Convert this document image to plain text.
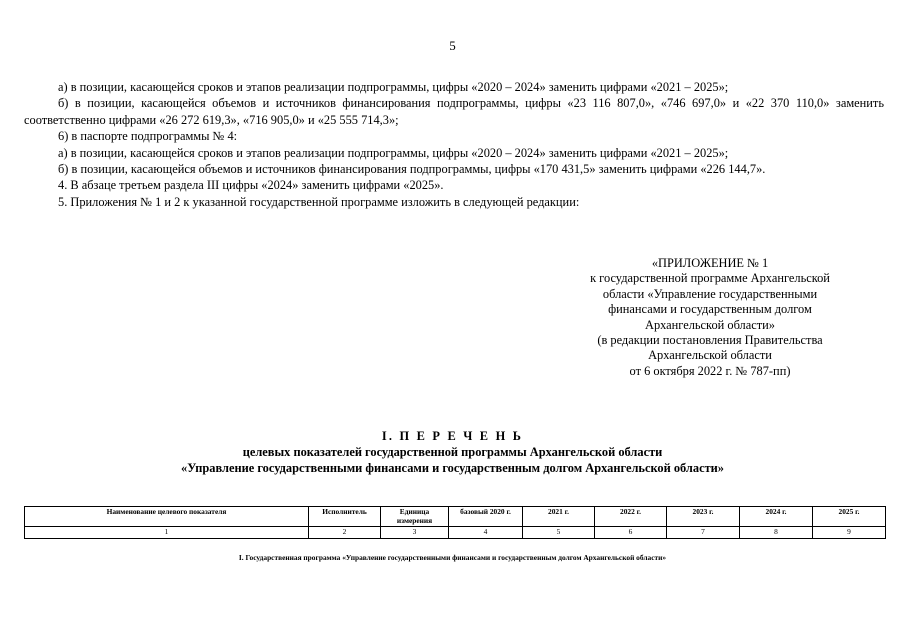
5

а) в позиции, касающейся сроков и этапов реализации подпрограммы, цифры «2020 – 2024» заменить цифрами «2021 – 2025»;

б) в позиции, касающейся объемов и источников финансирования подпрограммы, цифры «23 116 807,0», «746 697,0» и «22 370 110,0» заменить соответственно цифрами «26 272 619,3», «716 905,0» и «25 555 714,3»;

6) в паспорте подпрограммы № 4:

а) в позиции, касающейся сроков и этапов реализации подпрограммы, цифры «2020 – 2024» заменить цифрами «2021 – 2025»;

б) в позиции, касающейся объемов и источников финансирования подпрограммы, цифры «170 431,5» заменить цифрами «226 144,7».

4. В абзаце третьем раздела III цифры «2024» заменить цифрами «2025».

5. Приложения № 1 и 2 к указанной государственной программе изложить в следующей редакции:

«ПРИЛОЖЕНИЕ № 1
к государственной программе Архангельской
области «Управление государственными
финансами и государственным долгом
Архангельской области»
(в редакции постановления Правительства
Архангельской области
от 6 октября 2022 г. № 787-пп)
I. П Е Р Е Ч Е Н Ь
целевых показателей государственной программы Архангельской области
«Управление государственными финансами и государственным долгом Архангельской области»
Наименование целевого показателя	Исполнитель	Единица измерения	базовый 2020 г.	2021 г.	2022 г.	2023 г.	2024 г.	2025 г.
1	2	3	4	5	6	7	8	9
I. Государственная программа «Управление государственными финансами и государственным долгом Архангельской области»
